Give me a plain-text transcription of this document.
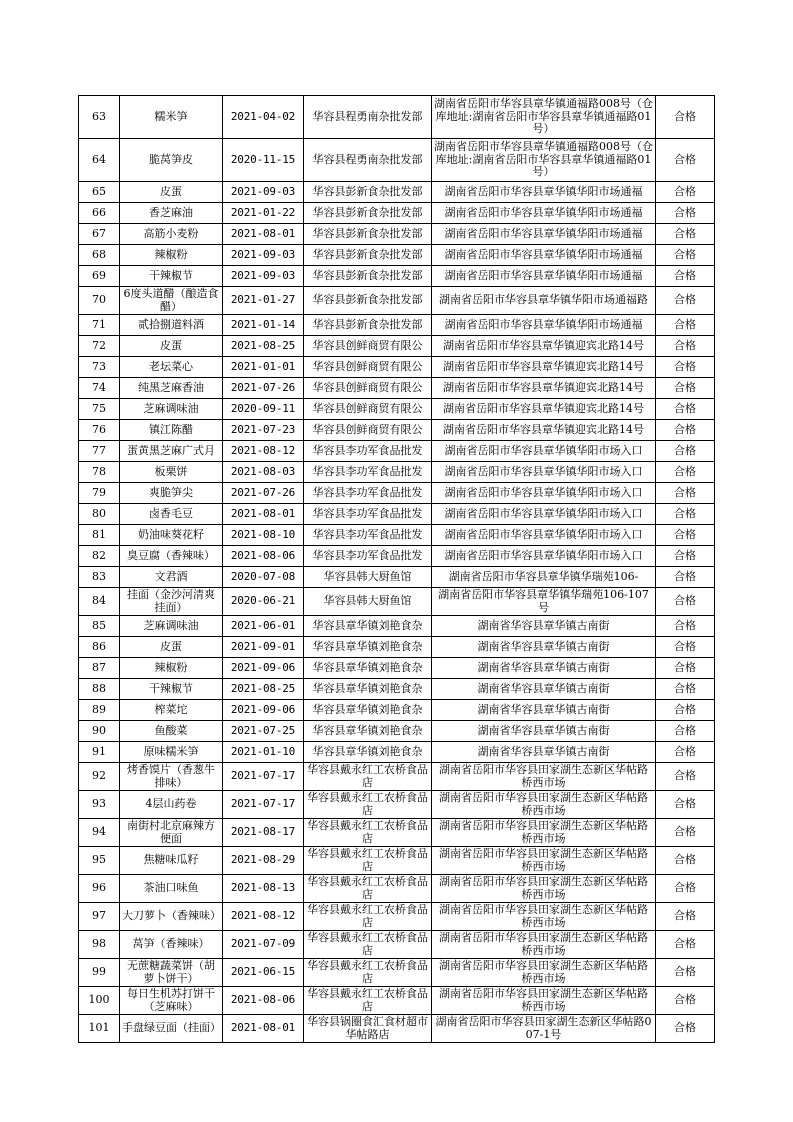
63	糯米笋	2021-04-02	华容县程勇南杂批发部	湖南省岳阳市华容县章华镇通福路008号（仓库地址:湖南省岳阳市华容县章华镇通福路01号）	合格
64	脆莴笋皮	2020-11-15	华容县程勇南杂批发部	湖南省岳阳市华容县章华镇通福路008号（仓库地址:湖南省岳阳市华容县章华镇通福路01号）	合格
65	皮蛋	2021-09-03	华容县彭新食杂批发部	湖南省岳阳市华容县章华镇华阳市场通福	合格
66	香芝麻油	2021-01-22	华容县彭新食杂批发部	湖南省岳阳市华容县章华镇华阳市场通福	合格
67	高筋小麦粉	2021-08-01	华容县彭新食杂批发部	湖南省岳阳市华容县章华镇华阳市场通福	合格
68	辣椒粉	2021-09-03	华容县彭新食杂批发部	湖南省岳阳市华容县章华镇华阳市场通福	合格
69	干辣椒节	2021-09-03	华容县彭新食杂批发部	湖南省岳阳市华容县章华镇华阳市场通福	合格
70	6度头道醋（酿造食醋）	2021-01-27	华容县彭新食杂批发部	湖南省岳阳市华容县章华镇华阳市场通福路	合格
71	贰拾捌道料酒	2021-01-14	华容县彭新食杂批发部	湖南省岳阳市华容县章华镇华阳市场通福	合格
72	皮蛋	2021-08-25	华容县创鲜商贸有限公	湖南省岳阳市华容县章华镇迎宾北路14号	合格
73	老坛菜心	2021-01-01	华容县创鲜商贸有限公	湖南省岳阳市华容县章华镇迎宾北路14号	合格
74	纯黑芝麻香油	2021-07-26	华容县创鲜商贸有限公	湖南省岳阳市华容县章华镇迎宾北路14号	合格
75	芝麻调味油	2020-09-11	华容县创鲜商贸有限公	湖南省岳阳市华容县章华镇迎宾北路14号	合格
76	镇江陈醋	2021-07-23	华容县创鲜商贸有限公	湖南省岳阳市华容县章华镇迎宾北路14号	合格
77	蛋黄黑芝麻广式月	2021-08-12	华容县李功军食品批发	湖南省岳阳市华容县章华镇华阳市场入口	合格
78	板栗饼	2021-08-03	华容县李功军食品批发	湖南省岳阳市华容县章华镇华阳市场入口	合格
79	爽脆笋尖	2021-07-26	华容县李功军食品批发	湖南省岳阳市华容县章华镇华阳市场入口	合格
80	卤香毛豆	2021-08-01	华容县李功军食品批发	湖南省岳阳市华容县章华镇华阳市场入口	合格
81	奶油味葵花籽	2021-08-10	华容县李功军食品批发	湖南省岳阳市华容县章华镇华阳市场入口	合格
82	臭豆腐（香辣味）	2021-08-06	华容县李功军食品批发	湖南省岳阳市华容县章华镇华阳市场入口	合格
83	文君酒	2020-07-08	华容县韩大厨鱼馆	湖南省岳阳市华容县章华镇华瑞苑106-	合格
84	挂面（金沙河清爽挂面）	2020-06-21	华容县韩大厨鱼馆	湖南省岳阳市华容县章华镇华瑞苑106-107号	合格
85	芝麻调味油	2021-06-01	华容县章华镇刘艳食杂	湖南省华容县章华镇古南街	合格
86	皮蛋	2021-09-01	华容县章华镇刘艳食杂	湖南省华容县章华镇古南街	合格
87	辣椒粉	2021-09-06	华容县章华镇刘艳食杂	湖南省华容县章华镇古南街	合格
88	干辣椒节	2021-08-25	华容县章华镇刘艳食杂	湖南省华容县章华镇古南街	合格
89	榨菜坨	2021-09-06	华容县章华镇刘艳食杂	湖南省华容县章华镇古南街	合格
90	鱼酸菜	2021-07-25	华容县章华镇刘艳食杂	湖南省华容县章华镇古南街	合格
91	原味糯米笋	2021-01-10	华容县章华镇刘艳食杂	湖南省华容县章华镇古南街	合格
92	烤香馍片（香葱牛排味）	2021-07-17	华容县戴永红工农桥食品店	湖南省岳阳市华容县田家湖生态新区华帖路桥西市场	合格
93	4层山药卷	2021-07-17	华容县戴永红工农桥食品店	湖南省岳阳市华容县田家湖生态新区华帖路桥西市场	合格
94	南街村北京麻辣方便面	2021-08-17	华容县戴永红工农桥食品店	湖南省岳阳市华容县田家湖生态新区华帖路桥西市场	合格
95	焦糖味瓜籽	2021-08-29	华容县戴永红工农桥食品店	湖南省岳阳市华容县田家湖生态新区华帖路桥西市场	合格
96	茶油口味鱼	2021-08-13	华容县戴永红工农桥食品店	湖南省岳阳市华容县田家湖生态新区华帖路桥西市场	合格
97	大刀萝卜（香辣味）	2021-08-12	华容县戴永红工农桥食品店	湖南省岳阳市华容县田家湖生态新区华帖路桥西市场	合格
98	莴笋（香辣味）	2021-07-09	华容县戴永红工农桥食品店	湖南省岳阳市华容县田家湖生态新区华帖路桥西市场	合格
99	无蔗糖蔬菜饼（胡萝卜饼干）	2021-06-15	华容县戴永红工农桥食品店	湖南省岳阳市华容县田家湖生态新区华帖路桥西市场	合格
100	每日生机苏打饼干（芝麻味）	2021-08-06	华容县戴永红工农桥食品店	湖南省岳阳市华容县田家湖生态新区华帖路桥西市场	合格
101	手盘绿豆面（挂面）	2021-08-01	华容县锅圈食汇食材超市华帖路店	湖南省岳阳市华容县田家湖生态新区华帖路007-1号	合格
